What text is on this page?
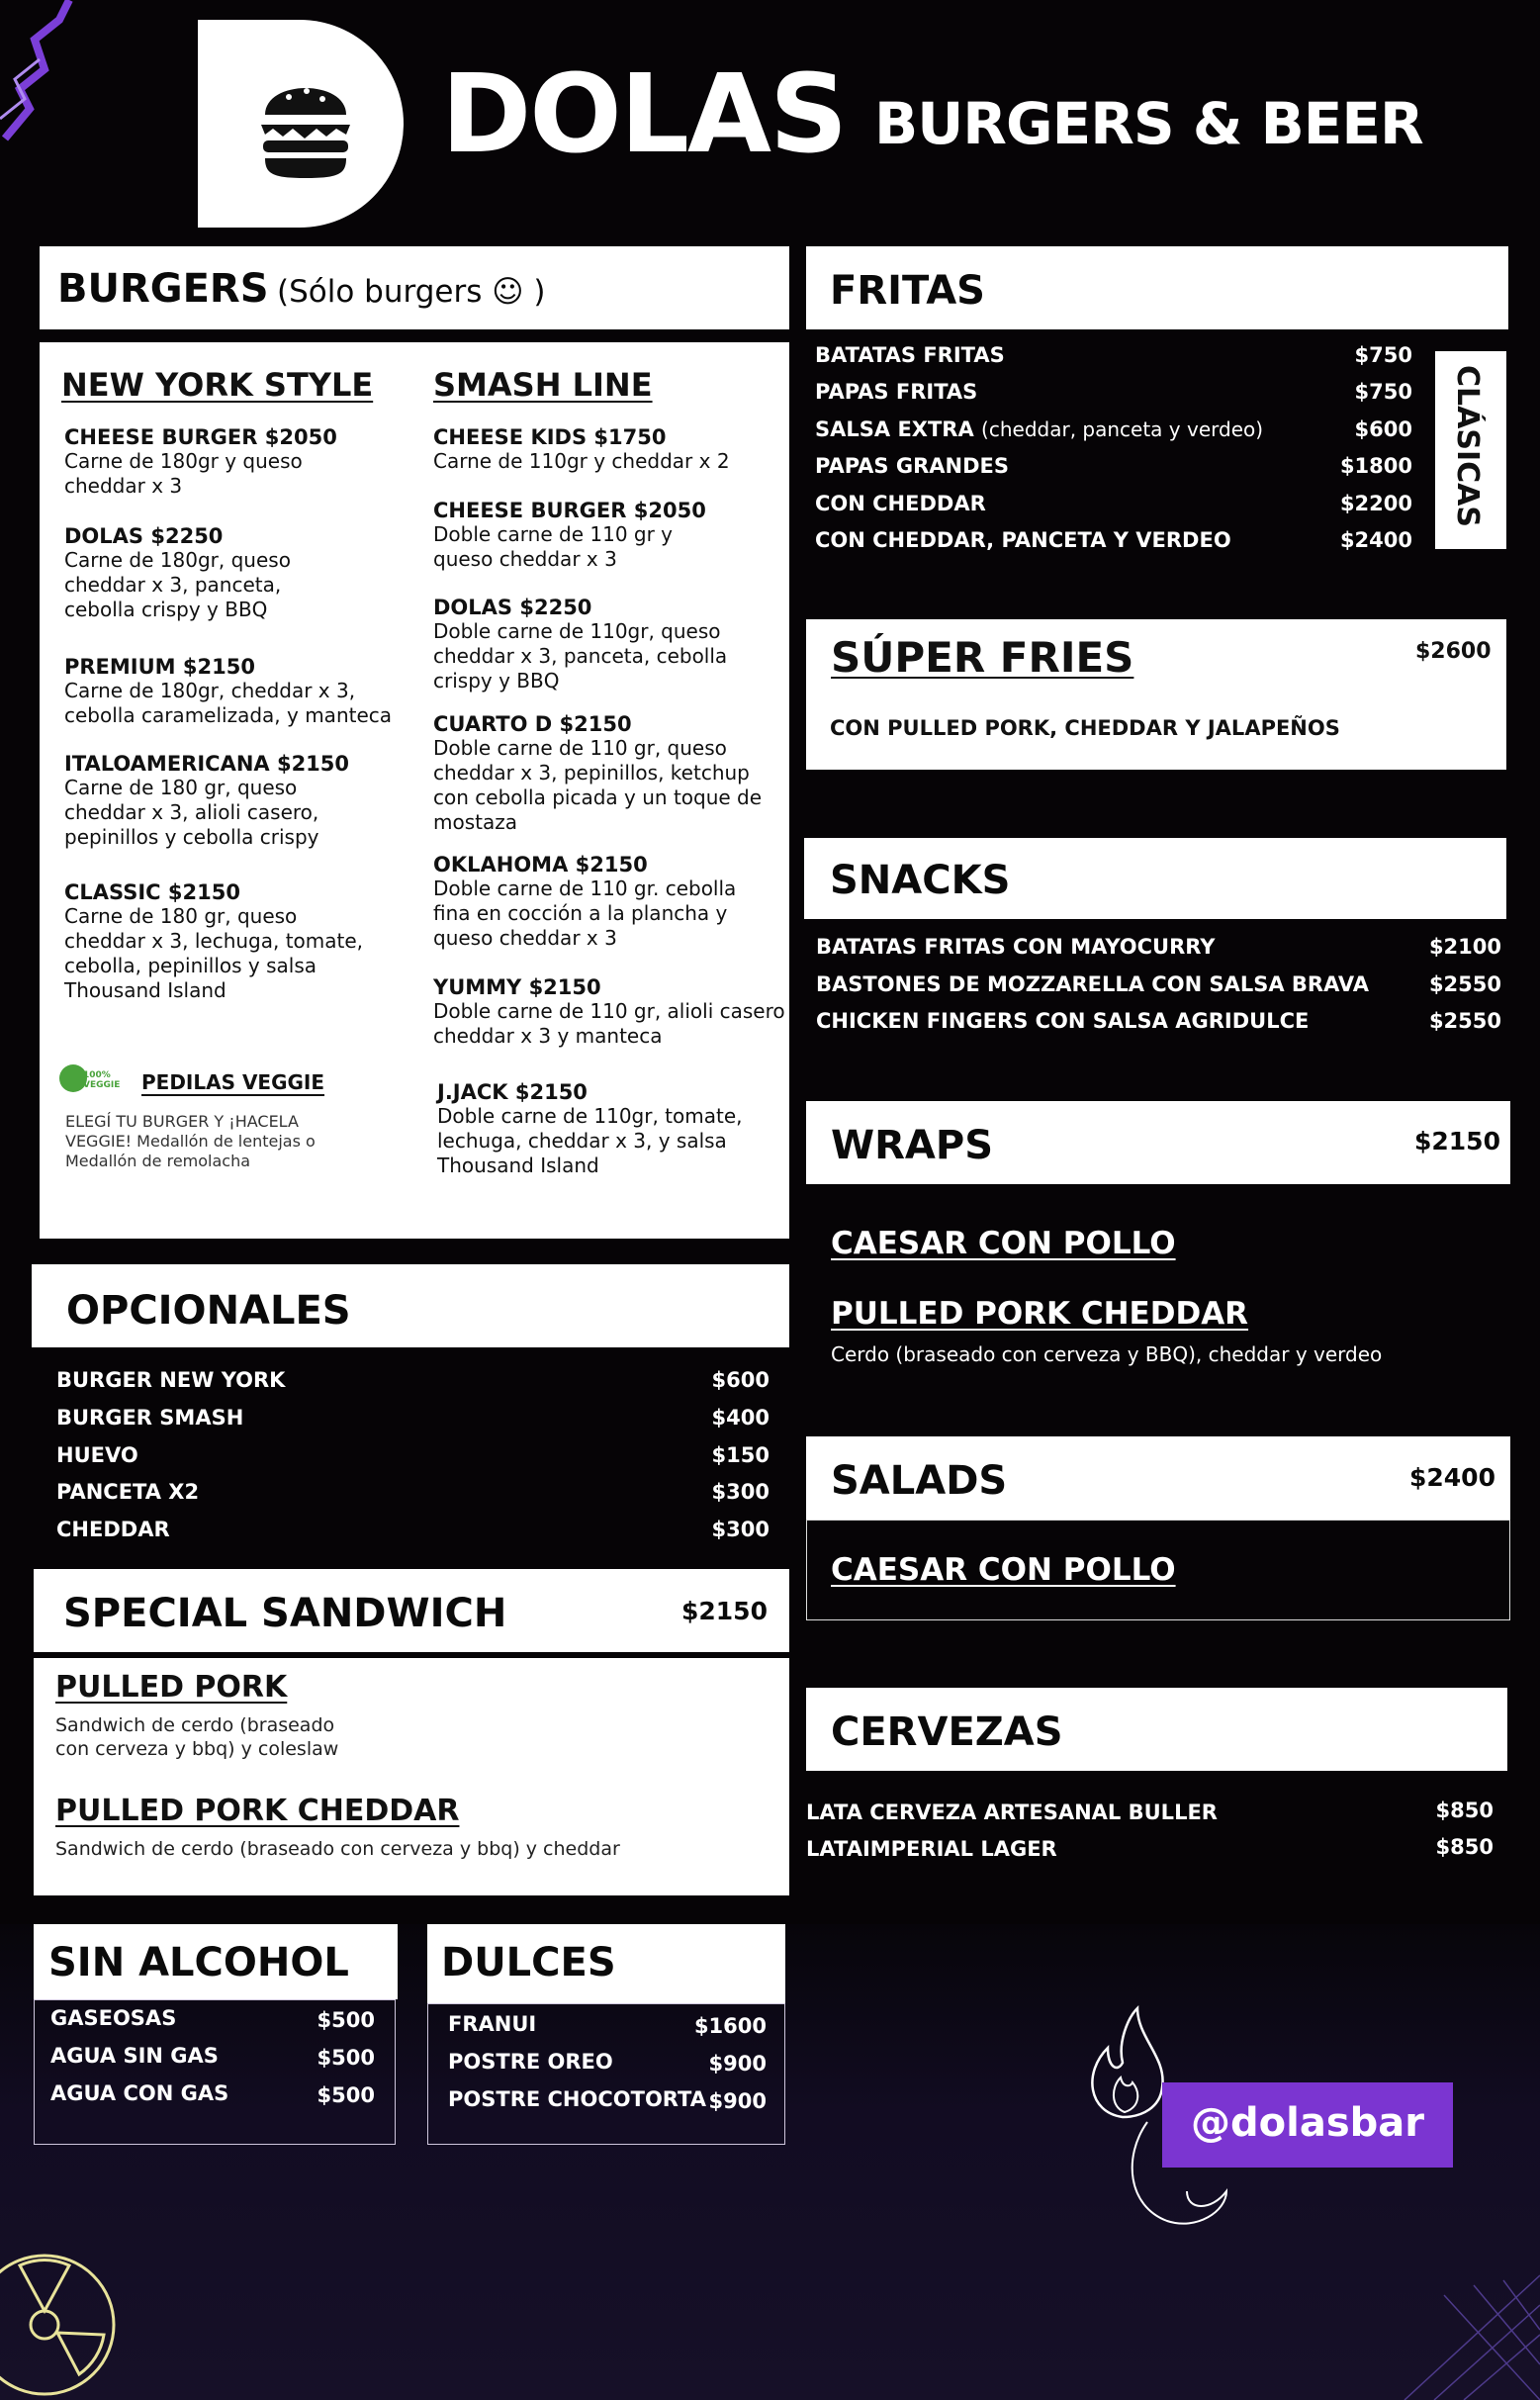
DOLAS BURGERS & BEER
BURGERS (Sólo burgers ☺ )
NEW YORK STYLE SMASH LINE
CHEESE BURGER $2050
Carne de 180gr y queso cheddar x 3
DOLAS $2250
Carne de 180gr, queso cheddar x 3, panceta, cebolla crispy y BBQ
PREMIUM $2150
Carne de 180gr, cheddar x 3, cebolla caramelizada, y manteca
ITALOAMERICANA $2150
Carne de 180 gr, queso cheddar x 3, alioli casero, pepinillos y cebolla crispy
CLASSIC $2150
Carne de 180 gr, queso cheddar x 3, lechuga, tomate, cebolla, pepinillos y salsa Thousand Island
CHEESE KIDS $1750
Carne de 110gr y cheddar x 2
CHEESE BURGER $2050
Doble carne de 110 gr y queso cheddar x 3
DOLAS $2250
Doble carne de 110gr, queso cheddar x 3, panceta, cebolla crispy y BBQ
CUARTO D $2150
Doble carne de 110 gr, queso cheddar x 3, pepinillos, ketchup con cebolla picada y un toque de mostaza
OKLAHOMA $2150
Doble carne de 110 gr. cebolla fina en cocción a la plancha y queso cheddar x 3
YUMMY $2150
Doble carne de 110 gr, alioli casero cheddar x 3 y manteca
J.JACK $2150
Doble carne de 110gr, tomate, lechuga, cheddar x 3, y salsa Thousand Island
100% VEGGIE	PEDILAS VEGGIE
ELEGÍ TU BURGER Y ¡HACELA VEGGIE! Medallón de lentejas o Medallón de remolacha
OPCIONALES
BURGER NEW YORK	$600
BURGER SMASH	$400
HUEVO	$150
PANCETA X2	$300
CHEDDAR	$300
SPECIAL SANDWICH	$2150
PULLED PORK
Sandwich de cerdo (braseado con cerveza y bbq) y coleslaw
PULLED PORK CHEDDAR
Sandwich de cerdo (braseado con cerveza y bbq) y cheddar
SIN ALCOHOL
GASEOSAS	$500
AGUA SIN GAS	$500
AGUA CON GAS	$500
DULCES
FRANUI	$1600
POSTRE OREO	$900
POSTRE CHOCOTORTA $900
FRITAS
CLÁSICAS
BATATAS FRITAS	$750
PAPAS FRITAS	$750
SALSA EXTRA (cheddar, panceta y verdeo)	$600
PAPAS GRANDES	$1800
CON CHEDDAR	$2200
CON CHEDDAR, PANCETA Y VERDEO	$2400
SÚPER FRIES	$2600
CON PULLED PORK, CHEDDAR Y JALAPEÑOS
SNACKS
BATATAS FRITAS CON MAYOCURRY	$2100
BASTONES DE MOZZARELLA CON SALSA BRAVA	$2550
CHICKEN FINGERS CON SALSA AGRIDULCE	$2550
WRAPS	$2150
CAESAR CON POLLO
PULLED PORK CHEDDAR
Cerdo (braseado con cerveza y BBQ), cheddar y verdeo
SALADS	$2400
CAESAR CON POLLO
CERVEZAS
LATA CERVEZA ARTESANAL BULLER	$850
LATAIMPERIAL LAGER	$850
@dolasbar
